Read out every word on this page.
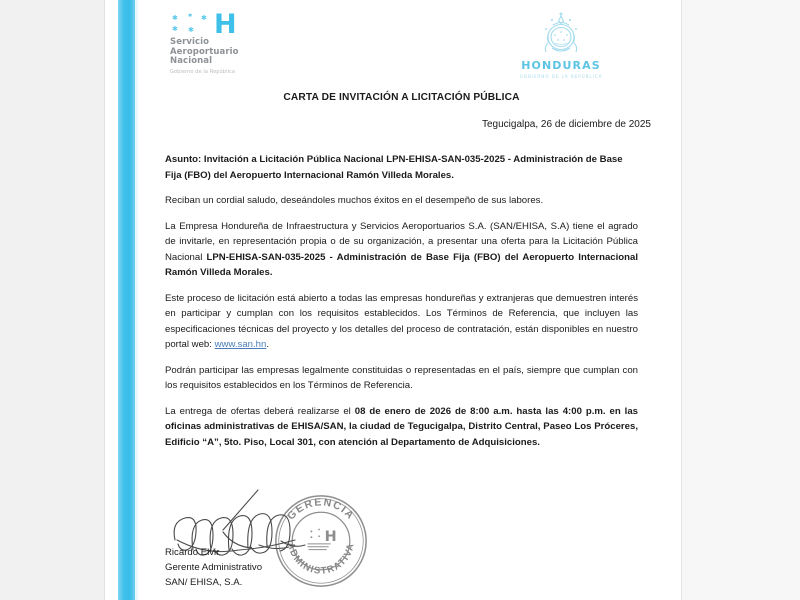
✱ ✱ ✱
✱ ✱ H
Servicio
Aeroportuario
Nacional
Gobierno de la República	HONDURAS
GOBIERNO DE LA REPÚBLICA
CARTA DE INVITACIÓN A LICITACIÓN PÚBLICA
Tegucigalpa, 26 de diciembre de 2025

Asunto: Invitación a Licitación Pública Nacional LPN-EHISA-SAN-035-2025 - Administración de Base Fija (FBO) del Aeropuerto Internacional Ramón Villeda Morales.

Reciban un cordial saludo, deseándoles muchos éxitos en el desempeño de sus labores.

La Empresa Hondureña de Infraestructura y Servicios Aeroportuarios S.A. (SAN/EHISA, S.A) tiene el agrado de invitarle, en representación propia o de su organización, a presentar una oferta para la Licitación Pública Nacional LPN-EHISA-SAN-035-2025 - Administración de Base Fija (FBO) del Aeropuerto Internacional Ramón Villeda Morales.

Este proceso de licitación está abierto a todas las empresas hondureñas y extranjeras que demuestren interés en participar y cumplan con los requisitos establecidos. Los Términos de Referencia, que incluyen las especificaciones técnicas del proyecto y los detalles del proceso de contratación, están disponibles en nuestro portal web: www.san.hn.

Podrán participar las empresas legalmente constituidas o representadas en el país, siempre que cumplan con los requisitos establecidos en los Términos de Referencia.

La entrega de ofertas deberá realizarse el 08 de enero de 2026 de 8:00 a.m. hasta las 4:00 p.m. en las oficinas administrativas de EHISA/SAN, la ciudad de Tegucigalpa, Distrito Central, Paseo Los Próceres, Edificio “A”, 5to. Piso, Local 301, con atención al Departamento de Adquisiciones.

GERENCIA
ADMINISTRATIVA
H
Ricardo Elvir
Gerente Administrativo
SAN/ EHISA, S.A.
